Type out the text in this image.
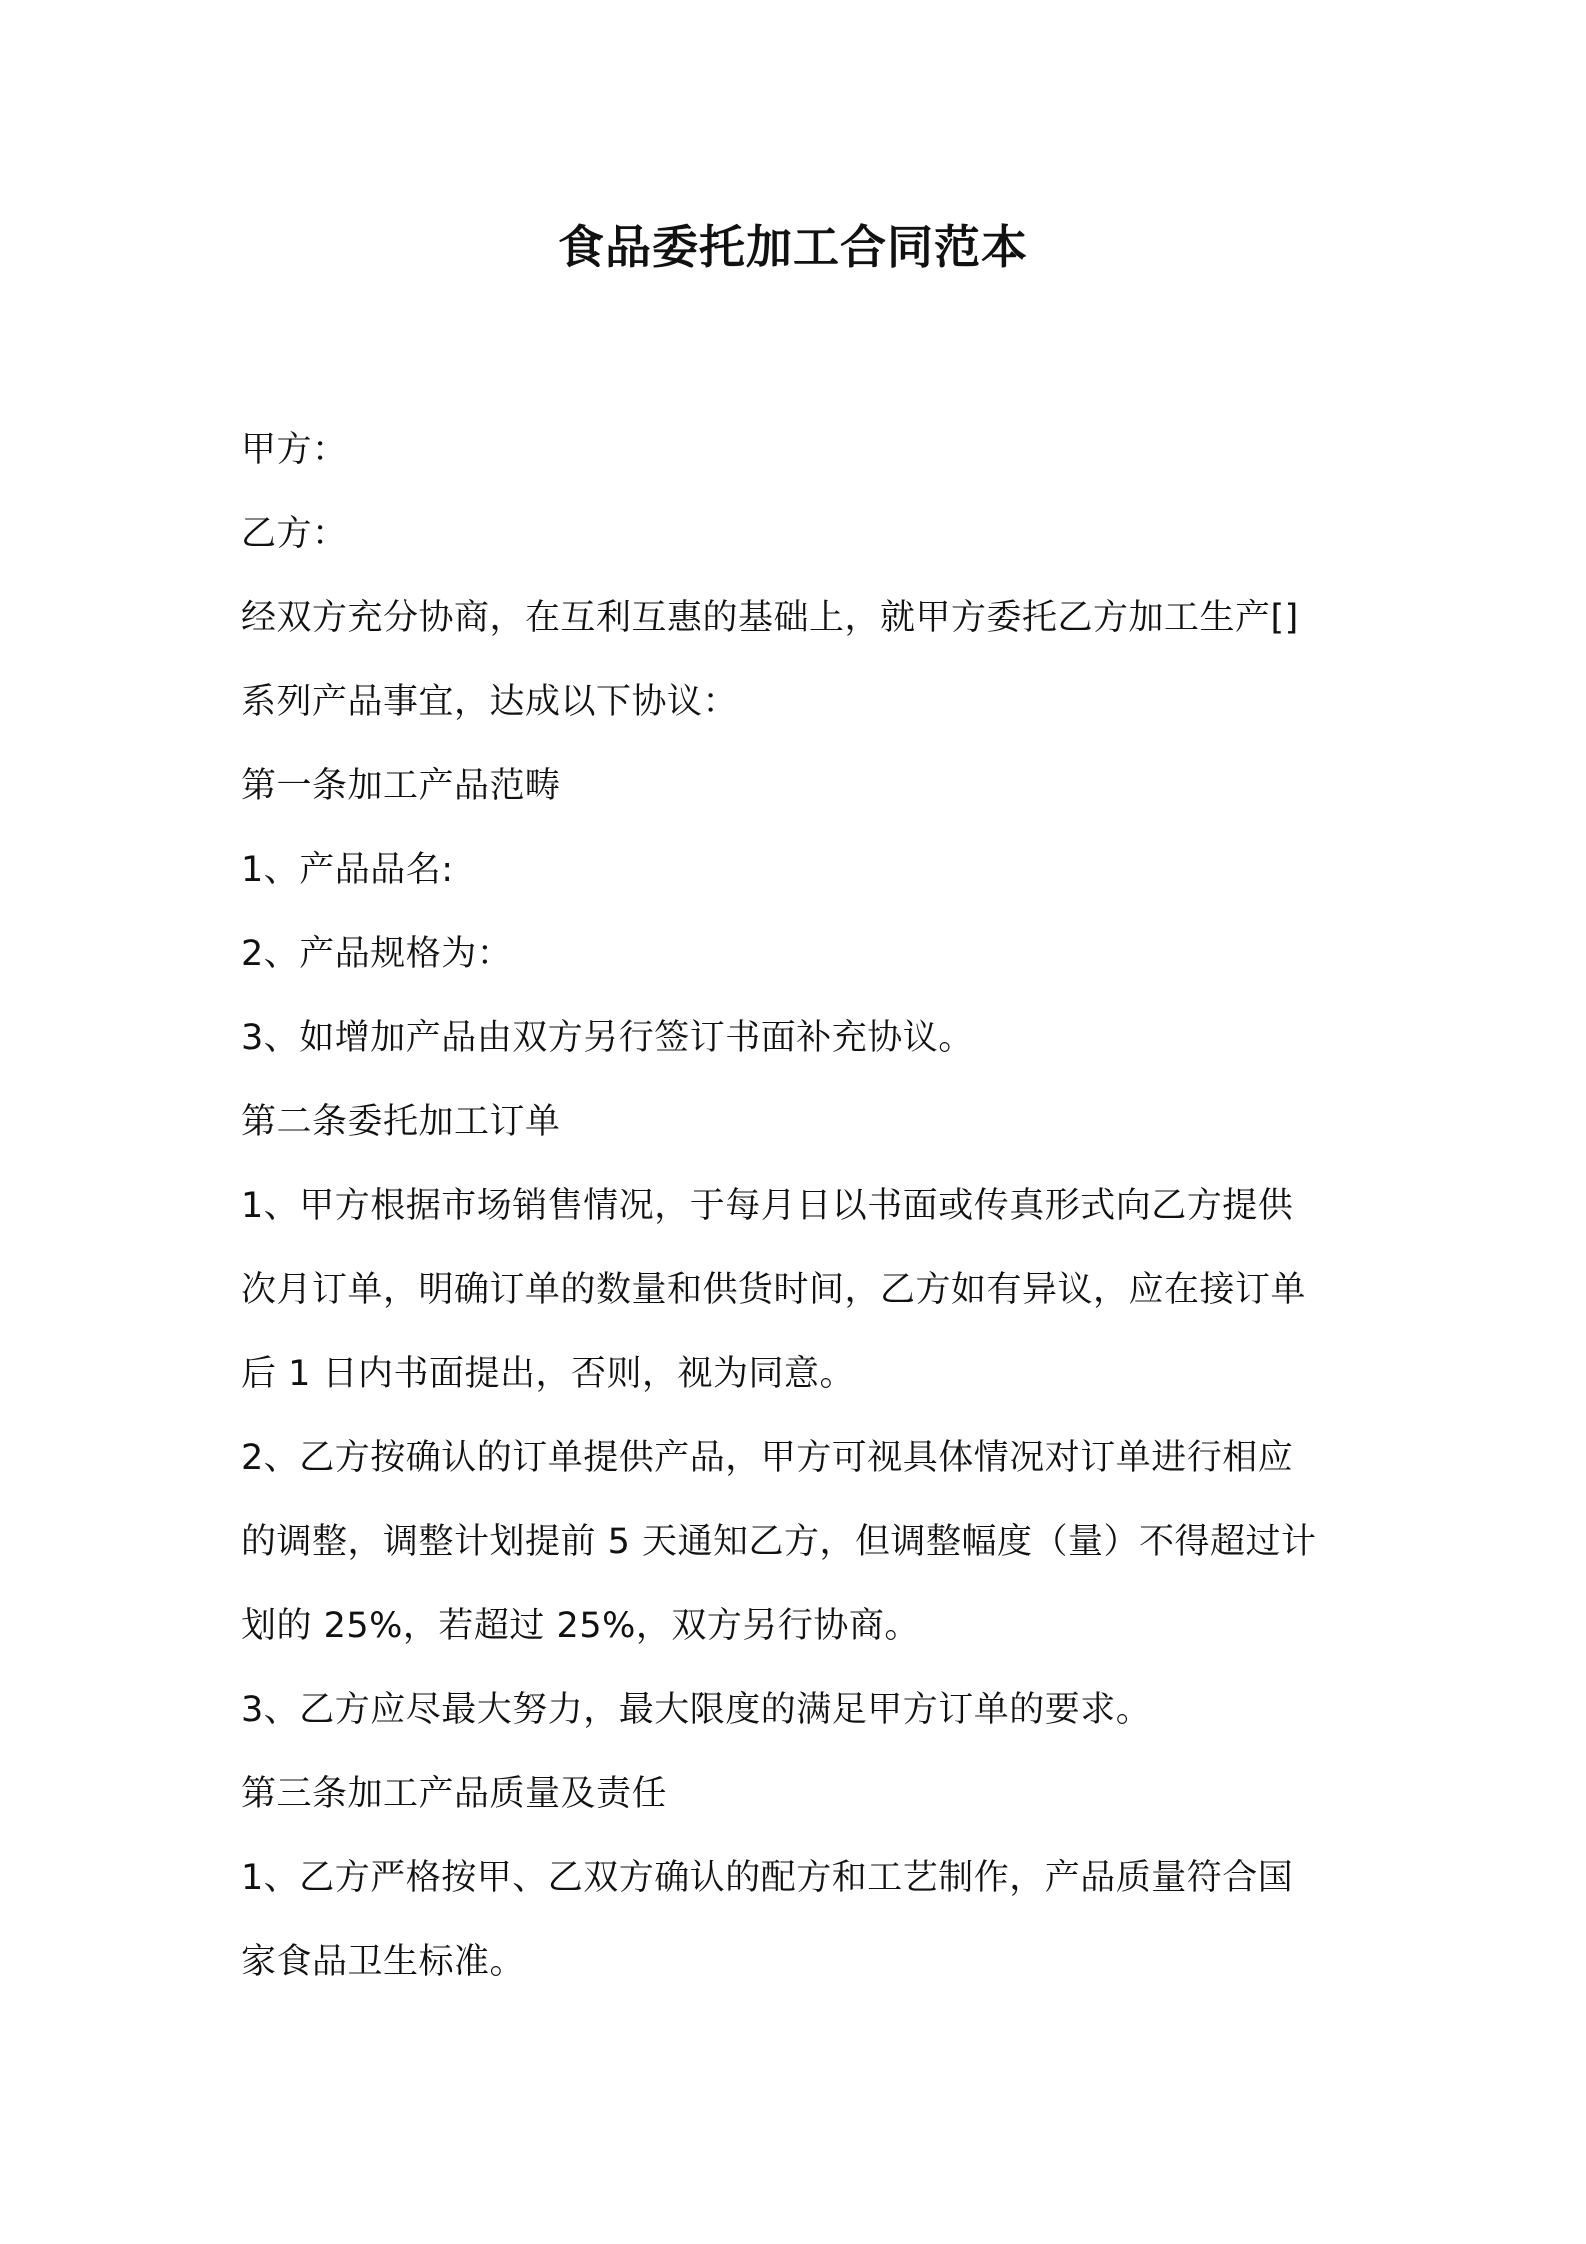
食品委托加工合同范本
甲方：
乙方：
经双方充分协商，在互利互惠的基础上，就甲方委托乙方加工生产[]
系列产品事宜，达成以下协议：
第一条加工产品范畴
1、产品品名:
2、产品规格为：
3、如增加产品由双方另行签订书面补充协议。
第二条委托加工订单
1、甲方根据市场销售情况，于每月日以书面或传真形式向乙方提供
次月订单，明确订单的数量和供货时间，乙方如有异议，应在接订单
后 1 日内书面提出，否则，视为同意。
2、乙方按确认的订单提供产品，甲方可视具体情况对订单进行相应
的调整，调整计划提前 5 天通知乙方，但调整幅度（量）不得超过计
划的 25%，若超过 25%，双方另行协商。
3、乙方应尽最大努力，最大限度的满足甲方订单的要求。
第三条加工产品质量及责任
1、乙方严格按甲、乙双方确认的配方和工艺制作，产品质量符合国
家食品卫生标准。
